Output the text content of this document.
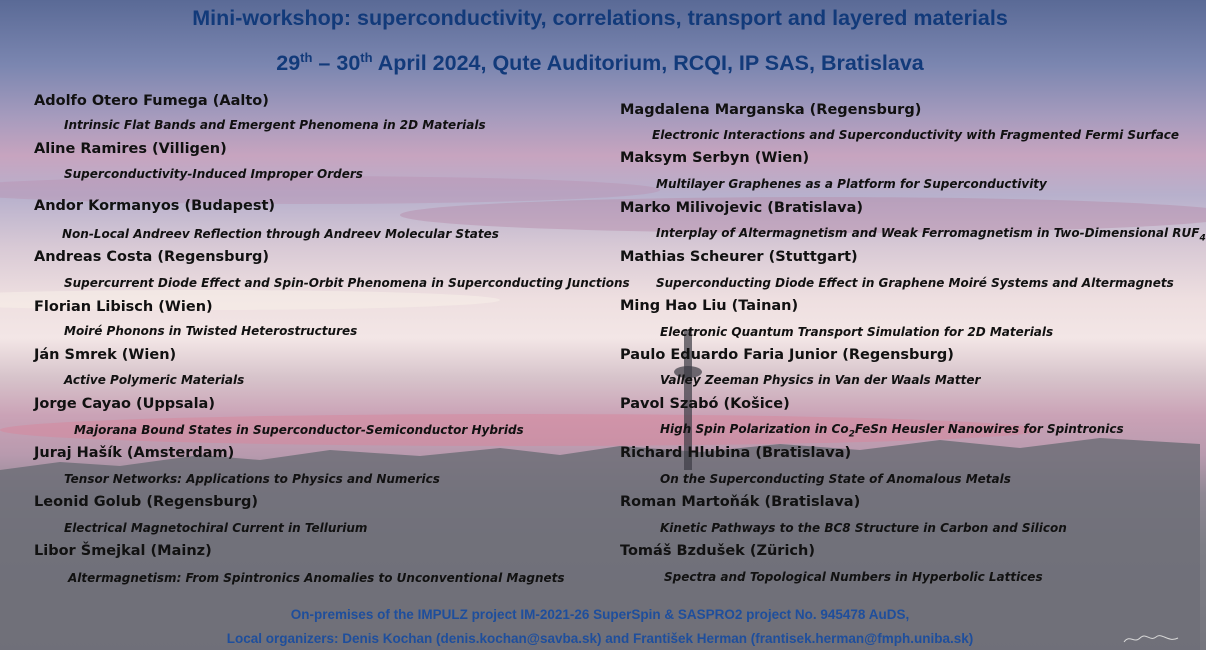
Mini-workshop: superconductivity, correlations, transport and layered materials
29th – 30th April 2024, Qute Auditorium, RCQI, IP SAS, Bratislava
Adolfo Otero Fumega (Aalto)
Intrinsic Flat Bands and Emergent Phenomena in 2D Materials
Aline Ramires (Villigen)
Superconductivity-Induced Improper Orders
Andor Kormanyos (Budapest)
Non-Local Andreev Reflection through Andreev Molecular States
Andreas Costa (Regensburg)
Supercurrent Diode Effect and Spin-Orbit Phenomena in Superconducting Junctions
Florian Libisch (Wien)
Moiré Phonons in Twisted Heterostructures
Ján Smrek (Wien)
Active Polymeric Materials
Jorge Cayao (Uppsala)
Majorana Bound States in Superconductor-Semiconductor Hybrids
Juraj Hašík (Amsterdam)
Tensor Networks: Applications to Physics and Numerics
Leonid Golub (Regensburg)
Electrical Magnetochiral Current in Tellurium
Libor Šmejkal (Mainz)
Altermagnetism: From Spintronics Anomalies to Unconventional Magnets
Magdalena Marganska (Regensburg)
Electronic Interactions and Superconductivity with Fragmented Fermi Surface
Maksym Serbyn (Wien)
Multilayer Graphenes as a Platform for Superconductivity
Marko Milivojevic (Bratislava)
Interplay of Altermagnetism and Weak Ferromagnetism in Two-Dimensional $RUF_4$
Mathias Scheurer (Stuttgart)
Superconducting Diode Effect in Graphene Moiré Systems and Altermagnets
Ming Hao Liu (Tainan)
Electronic Quantum Transport Simulation for 2D Materials
Paulo Eduardo Faria Junior (Regensburg)
Valley Zeeman Physics in Van der Waals Matter
Pavol Szabó (Košice)
High Spin Polarization in $Co_2FeSn$ Heusler Nanowires for Spintronics
Richard Hlubina (Bratislava)
On the Superconducting State of Anomalous Metals
Roman Martoňák (Bratislava)
Kinetic Pathways to the BC8 Structure in Carbon and Silicon
Tomáš Bzdušek (Zürich)
Spectra and Topological Numbers in Hyperbolic Lattices
On-premises of the IMPULZ project IM-2021-26 SuperSpin & SASPRO2 project No. 945478 AuDS,
Local organizers: Denis Kochan (denis.kochan@savba.sk) and František Herman (frantisek.herman@fmph.uniba.sk)
